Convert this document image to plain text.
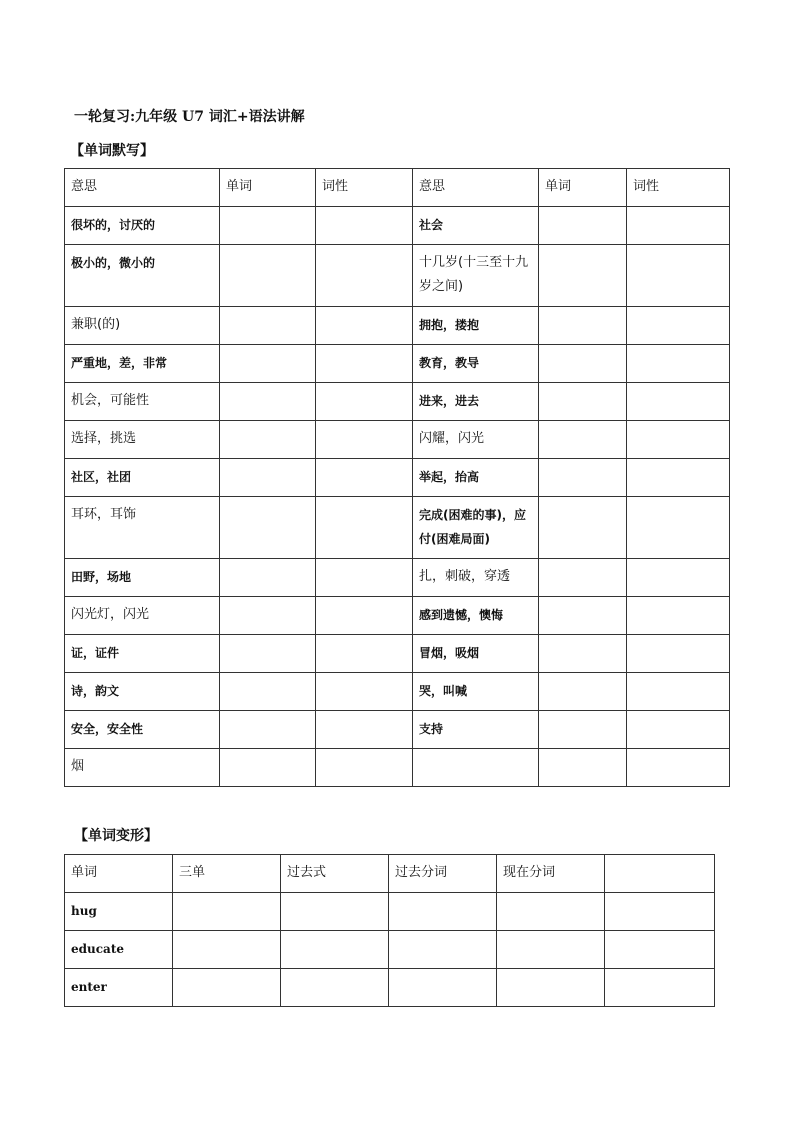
一轮复习:九年级 U7 词汇+语法讲解
【单词默写】
意思	单词	词性	意思	单词	词性
很坏的，讨厌的			社会		
极小的，微小的			十几岁(十三至十九岁之间)		
兼职(的)			拥抱，搂抱		
严重地，差，非常			教育，教导		
机会，可能性			进来，进去		
选择，挑选			闪耀，闪光		
社区，社团			举起，抬高		
耳环，耳饰			完成(困难的事)，应付(困难局面)		
田野，场地			扎，刺破，穿透		
闪光灯，闪光			感到遗憾，懊悔		
证，证件			冒烟，吸烟		
诗，韵文			哭，叫喊		
安全，安全性			支持		
烟					
【单词变形】
单词	三单	过去式	过去分词	现在分词	
hug					
educate					
enter					
